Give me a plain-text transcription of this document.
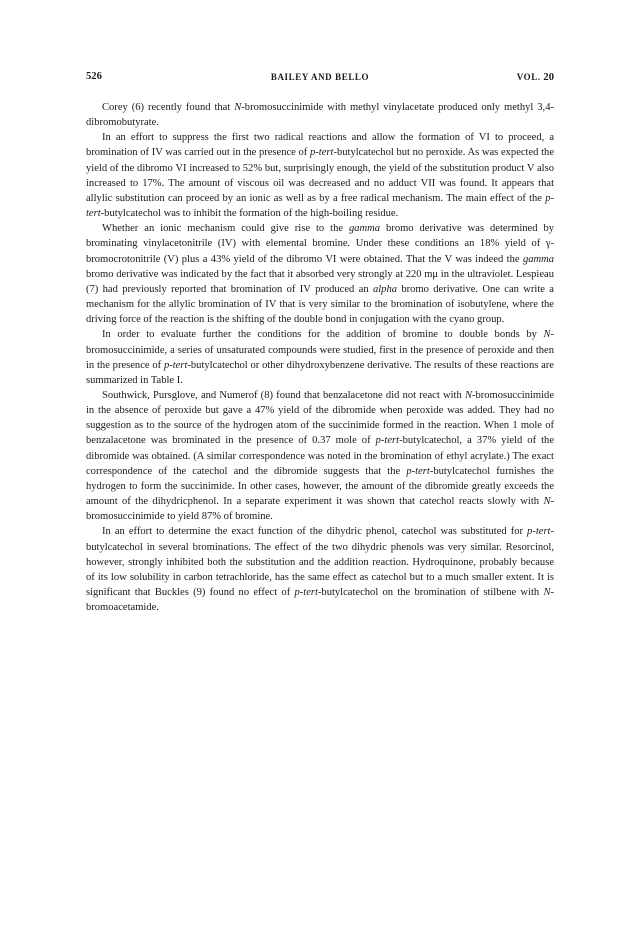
526	BAILEY AND BELLO	VOL. 20

Corey (6) recently found that N-bromosuccinimide with methyl vinylacetate produced only methyl 3,4-dibromobutyrate.

In an effort to suppress the first two radical reactions and allow the formation of VI to proceed, a bromination of IV was carried out in the presence of p-tert-butylcatechol but no peroxide. As was expected the yield of the dibromo VI increased to 52% but, surprisingly enough, the yield of the substitution product V also increased to 17%. The amount of viscous oil was decreased and no adduct VII was found. It appears that allylic substitution can proceed by an ionic as well as by a free radical mechanism. The main effect of the p-tert-butylcatechol was to inhibit the formation of the high-boiling residue.

Whether an ionic mechanism could give rise to the gamma bromo derivative was determined by brominating vinylacetonitrile (IV) with elemental bromine. Under these conditions an 18% yield of γ-bromocrotonitrile (V) plus a 43% yield of the dibromo VI were obtained. That the V was indeed the gamma bromo derivative was indicated by the fact that it absorbed very strongly at 220 mμ in the ultraviolet. Lespieau (7) had previously reported that bromination of IV produced an alpha bromo derivative. One can write a mechanism for the allylic bromination of IV that is very similar to the bromination of isobutylene, where the driving force of the reaction is the shifting of the double bond in conjugation with the cyano group.

In order to evaluate further the conditions for the addition of bromine to double bonds by N-bromosuccinimide, a series of unsaturated compounds were studied, first in the presence of peroxide and then in the presence of p-tert-butylcatechol or other dihydroxybenzene derivative. The results of these reactions are summarized in Table I.

Southwick, Pursglove, and Numerof (8) found that benzalacetone did not react with N-bromosuccinimide in the absence of peroxide but gave a 47% yield of the dibromide when peroxide was added. They had no suggestion as to the source of the hydrogen atom of the succinimide formed in the reaction. When 1 mole of benzalacetone was brominated in the presence of 0.37 mole of p-tert-butylcatechol, a 37% yield of the dibromide was obtained. (A similar correspondence was noted in the bromination of ethyl acrylate.) The exact correspondence of the catechol and the dibromide suggests that the p-tert-butylcatechol furnishes the hydrogen to form the succinimide. In other cases, however, the amount of the dibromide greatly exceeds the amount of the dihydricphenol. In a separate experiment it was shown that catechol reacts slowly with N-bromosuccinimide to yield 87% of bromine.

In an effort to determine the exact function of the dihydric phenol, catechol was substituted for p-tert-butylcatechol in several brominations. The effect of the two dihydric phenols was very similar. Resorcinol, however, strongly inhibited both the substitution and the addition reaction. Hydroquinone, probably because of its low solubility in carbon tetrachloride, has the same effect as catechol but to a much smaller extent. It is significant that Buckles (9) found no effect of p-tert-butylcatechol on the bromination of stilbene with N-bromoacetamide.
